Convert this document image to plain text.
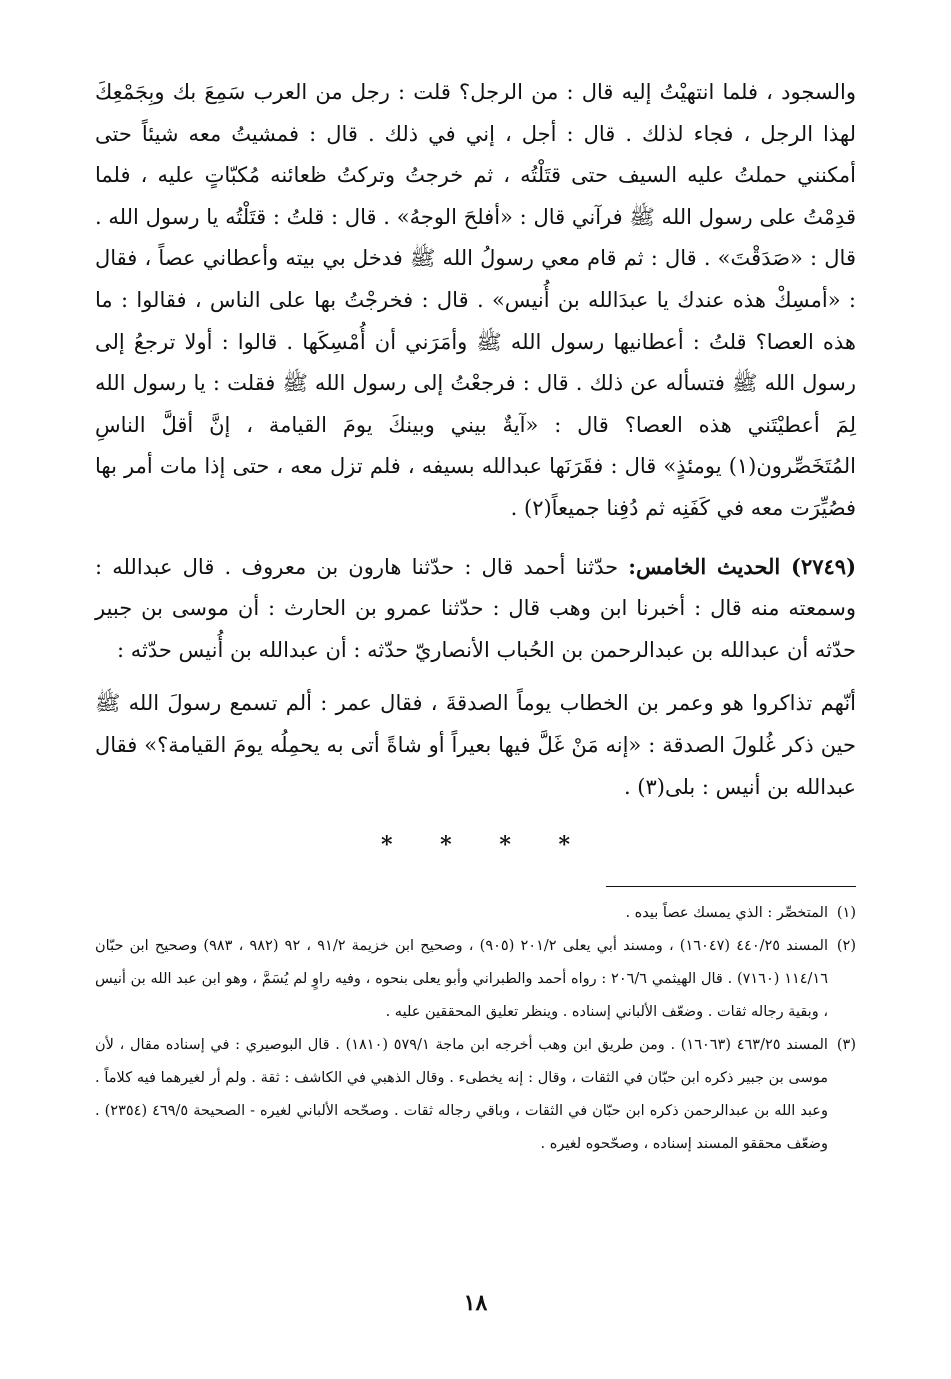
والسجود ، فلما انتهيْتُ إليه قال : من الرجل؟ قلت : رجل من العرب سَمِعَ بك وبِجَمْعِكَ لهذا الرجل ، فجاء لذلك . قال : أجل ، إني في ذلك . قال : فمشيتُ معه شيئاً حتى أمكنني حملتُ عليه السيف حتى قتَلْتُه ، ثم خرجتُ وتركتُ ظعائنه مُكبّاتٍ عليه ، فلما قدِمْتُ على رسول الله ﷺ فرآني قال : «أفلحَ الوجهُ» . قال : قلتُ : قتَلْتُه يا رسول الله . قال : «صَدَقْتَ» . قال : ثم قام معي رسولُ الله ﷺ فدخل بي بيته وأعطاني عصاً ، فقال : «أمسِكْ هذه عندك يا عبدَالله بن أُنيس» . قال : فخرجْتُ بها على الناس ، فقالوا : ما هذه العصا؟ قلتُ : أعطانيها رسول الله ﷺ وأمَرَني أن أُمْسِكَها . قالوا : أولا ترجعُ إلى رسول الله ﷺ فتسأله عن ذلك . قال : فرجعْتُ إلى رسول الله ﷺ فقلت : يا رسول الله لِمَ أعطيْتَني هذه العصا؟ قال : «آيةٌ بيني وبينكَ يومَ القيامة ، إنَّ أقلَّ الناسِ المُتَخَصِّرون(١) يومئذٍ» قال : فقَرَنَها عبدالله بسيفه ، فلم تزل معه ، حتى إذا مات أمر بها فصُيِّرَت معه في كَفَنِه ثم دُفِنا جميعاً(٢) .

(٢٧٤٩) الحديث الخامس: حدّثنا أحمد قال : حدّثنا هارون بن معروف . قال عبدالله : وسمعته منه قال : أخبرنا ابن وهب قال : حدّثنا عمرو بن الحارث : أن موسى بن جبير حدّثه أن عبدالله بن عبدالرحمن بن الحُباب الأنصاريّ حدّثه : أن عبدالله بن أُنيس حدّثه :

أنّهم تذاكروا هو وعمر بن الخطاب يوماً الصدقةَ ، فقال عمر : ألم تسمع رسولَ الله ﷺ حين ذكر غُلولَ الصدقة : «إنه مَنْ غَلَّ فيها بعيراً أو شاةً أتى به يحمِلُه يومَ القيامة؟» فقال عبدالله بن أنيس : بلى(٣) .

* * * *

(١)
المتخصِّر : الذي يمسك عصاً بيده .

(٢)
المسند ٤٤٠/٢٥ (١٦٠٤٧) ، ومسند أبي يعلى ٢٠١/٢ (٩٠٥) ، وصحيح ابن خزيمة ٩١/٢ ، ٩٢ (٩٨٢ ، ٩٨٣) وصحيح ابن حبّان ١١٤/١٦ (٧١٦٠) . قال الهيثمي ٢٠٦/٦ : رواه أحمد والطبراني وأبو يعلى بنحوه ، وفيه راوٍ لم يُسَمَّ ، وهو ابن عبد الله بن أنيس ، وبقية رجاله ثقات . وضعّف الألباني إسناده . وينظر تعليق المحققين عليه .

(٣)
المسند ٤٦٣/٢٥ (١٦٠٦٣) . ومن طريق ابن وهب أخرجه ابن ماجة ٥٧٩/١ (١٨١٠) . قال البوصيري : في إسناده مقال ، لأن موسى بن جبير ذكره ابن حبّان في الثقات ، وقال : إنه يخطىء . وقال الذهبي في الكاشف : ثقة . ولم أر لغيرهما فيه كلاماً . وعبد الله بن عبدالرحمن ذكره ابن حبّان في الثقات ، وباقي رجاله ثقات . وصحّحه الألباني لغيره - الصحيحة ٤٦٩/٥ (٢٣٥٤) . وضعّف محققو المسند إسناده ، وصحّحوه لغيره .

١٨
